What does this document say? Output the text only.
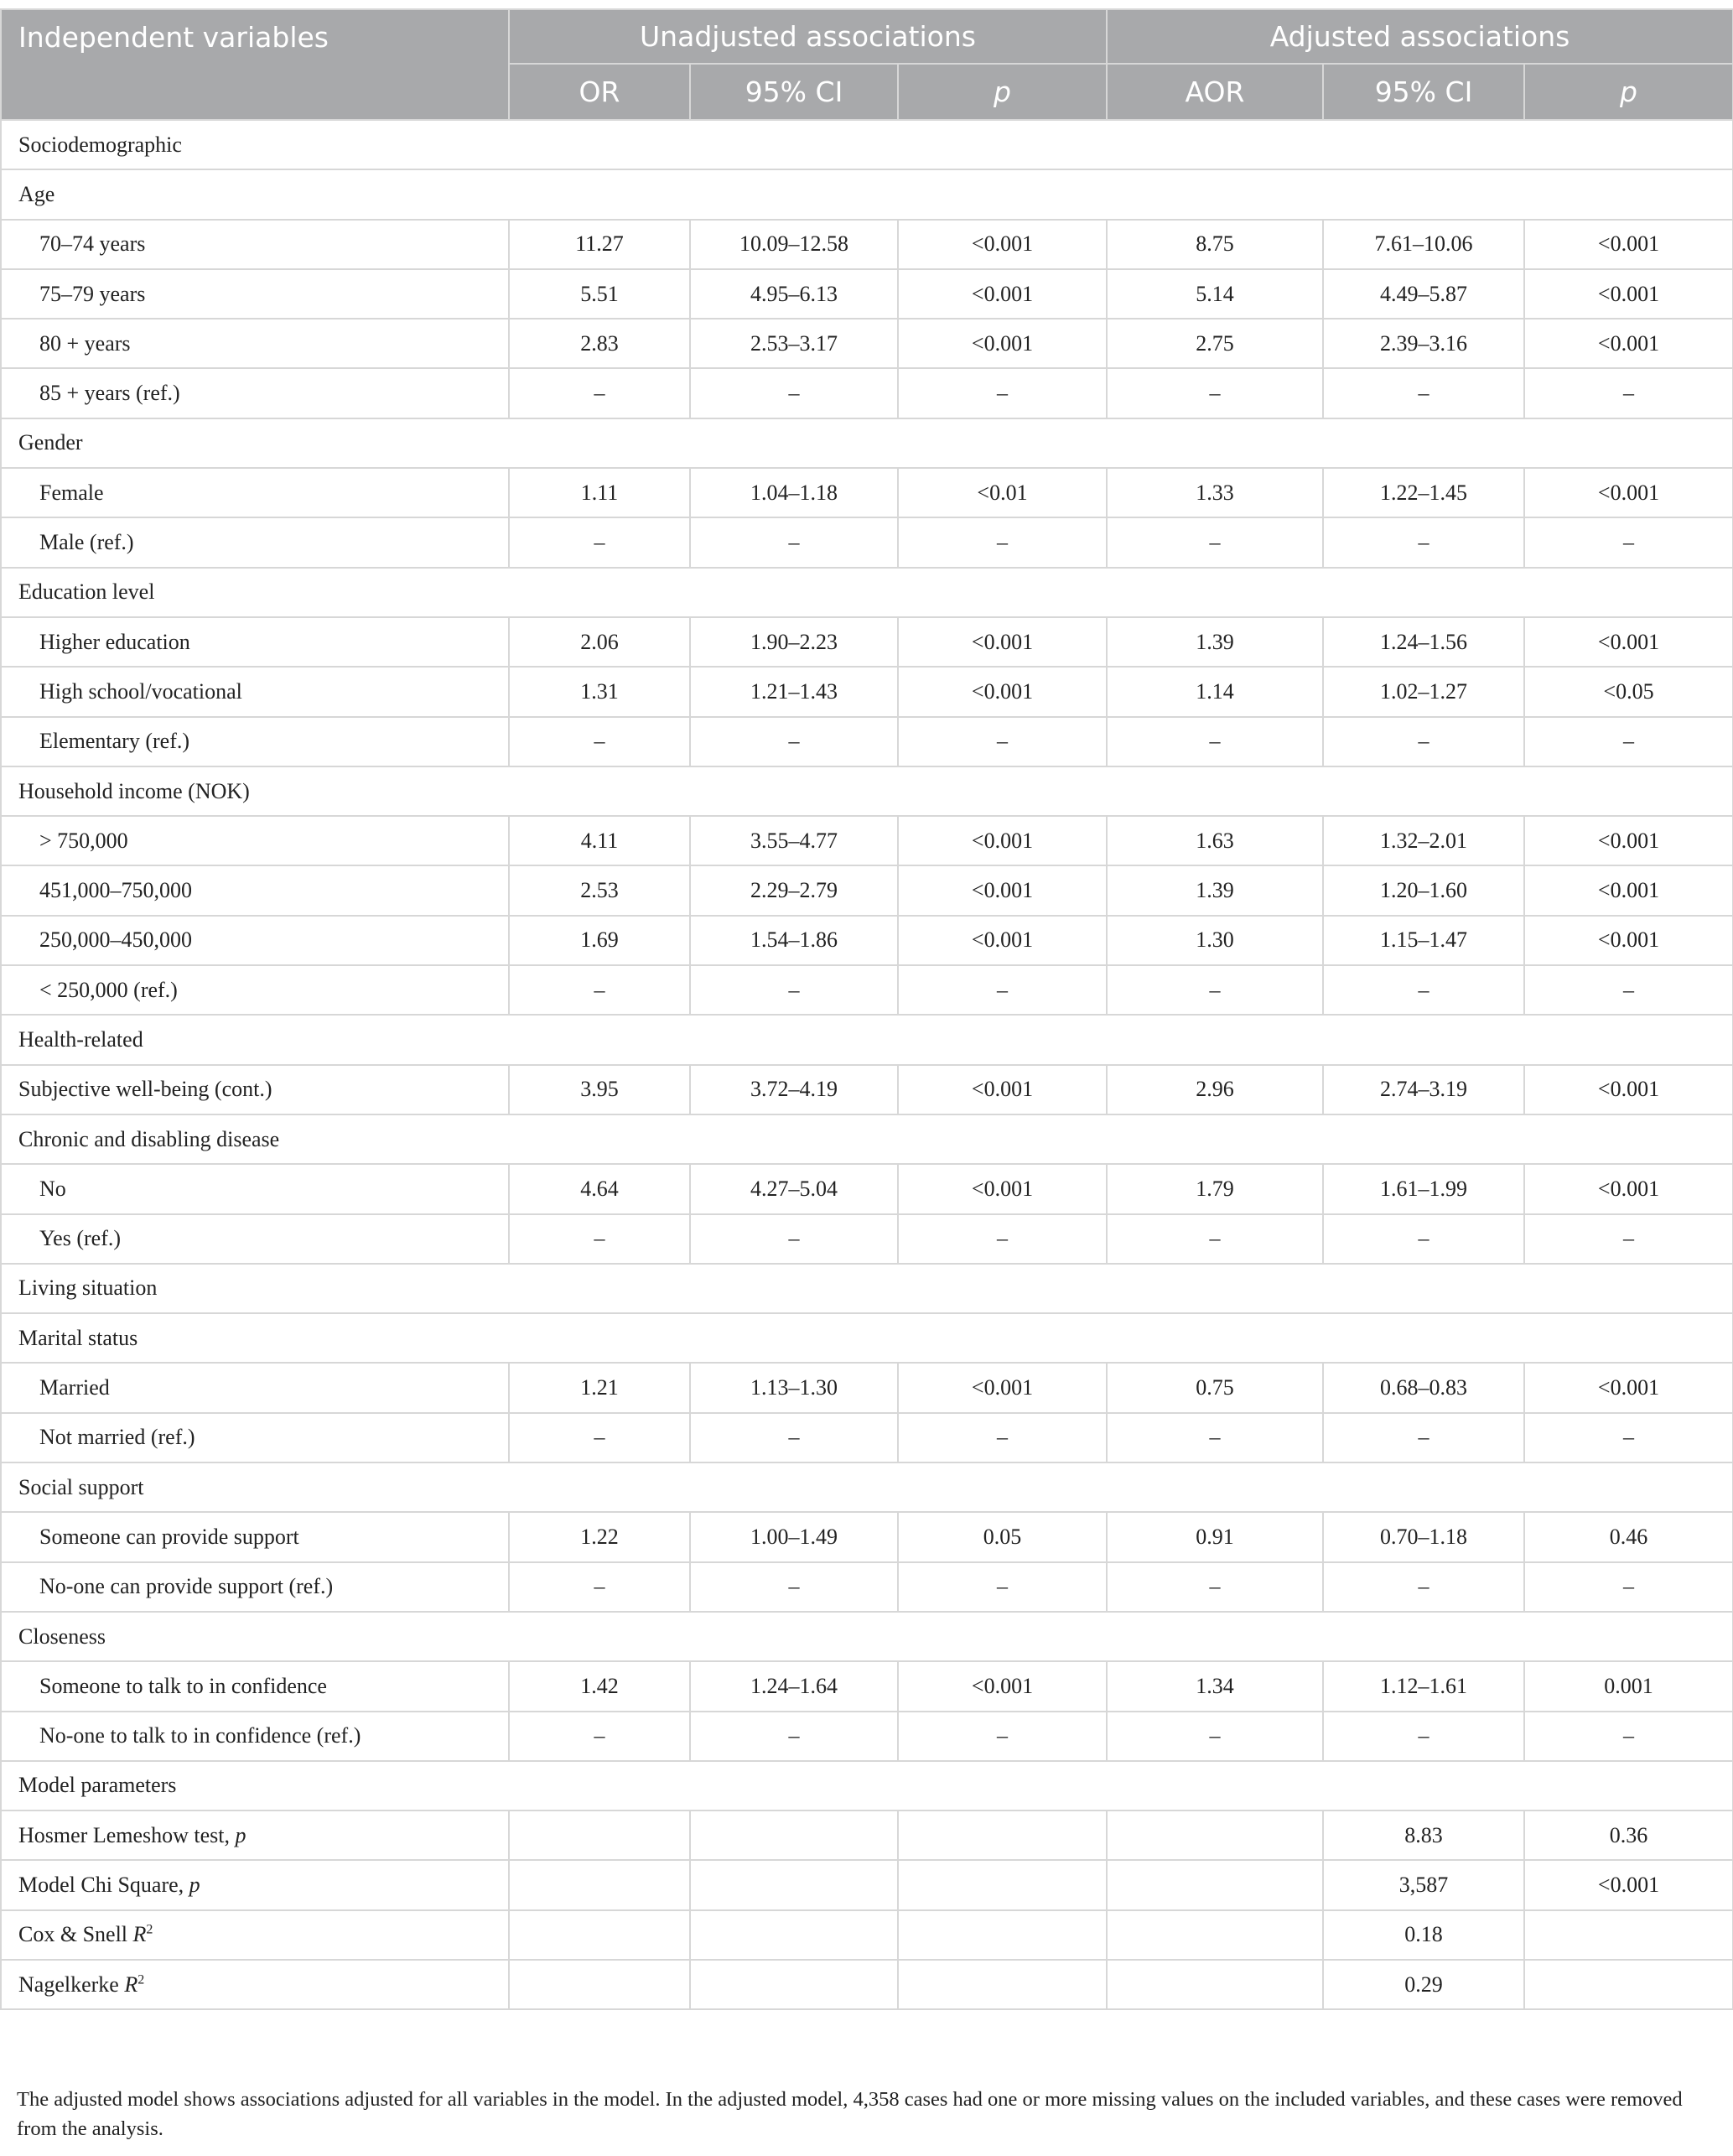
Independent variables	Unadjusted associations			Adjusted associations		
	OR	95% CI	p	AOR	95% CI	p
Sociodemographic						
Age						
70–74 years	11.27	10.09–12.58	<0.001	8.75	7.61–10.06	<0.001
75–79 years	5.51	4.95–6.13	<0.001	5.14	4.49–5.87	<0.001
80 + years	2.83	2.53–3.17	<0.001	2.75	2.39–3.16	<0.001
85 + years (ref.)	–	–	–	–	–	–
Gender						
Female	1.11	1.04–1.18	<0.01	1.33	1.22–1.45	<0.001
Male (ref.)	–	–	–	–	–	–
Education level						
Higher education	2.06	1.90–2.23	<0.001	1.39	1.24–1.56	<0.001
High school/vocational	1.31	1.21–1.43	<0.001	1.14	1.02–1.27	<0.05
Elementary (ref.)	–	–	–	–	–	–
Household income (NOK)						
> 750,000	4.11	3.55–4.77	<0.001	1.63	1.32–2.01	<0.001
451,000–750,000	2.53	2.29–2.79	<0.001	1.39	1.20–1.60	<0.001
250,000–450,000	1.69	1.54–1.86	<0.001	1.30	1.15–1.47	<0.001
< 250,000 (ref.)	–	–	–	–	–	–
Health-related						
Subjective well-being (cont.)	3.95	3.72–4.19	<0.001	2.96	2.74–3.19	<0.001
Chronic and disabling disease						
No	4.64	4.27–5.04	<0.001	1.79	1.61–1.99	<0.001
Yes (ref.)	–	–	–	–	–	–
Living situation						
Marital status						
Married	1.21	1.13–1.30	<0.001	0.75	0.68–0.83	<0.001
Not married (ref.)	–	–	–	–	–	–
Social support						
Someone can provide support	1.22	1.00–1.49	0.05	0.91	0.70–1.18	0.46
No-one can provide support (ref.)	–	–	–	–	–	–
Closeness						
Someone to talk to in confidence	1.42	1.24–1.64	<0.001	1.34	1.12–1.61	0.001
No-one to talk to in confidence (ref.)	–	–	–	–	–	–
Model parameters						
Hosmer Lemeshow test, p					8.83	0.36
Model Chi Square, p					3,587	<0.001
Cox & Snell $R^2$					0.18	
Nagelkerke $R^2$					0.29	
The adjusted model shows associations adjusted for all variables in the model. In the adjusted model, 4,358 cases had one or more missing values on the included variables, and these cases were removed from the analysis.
